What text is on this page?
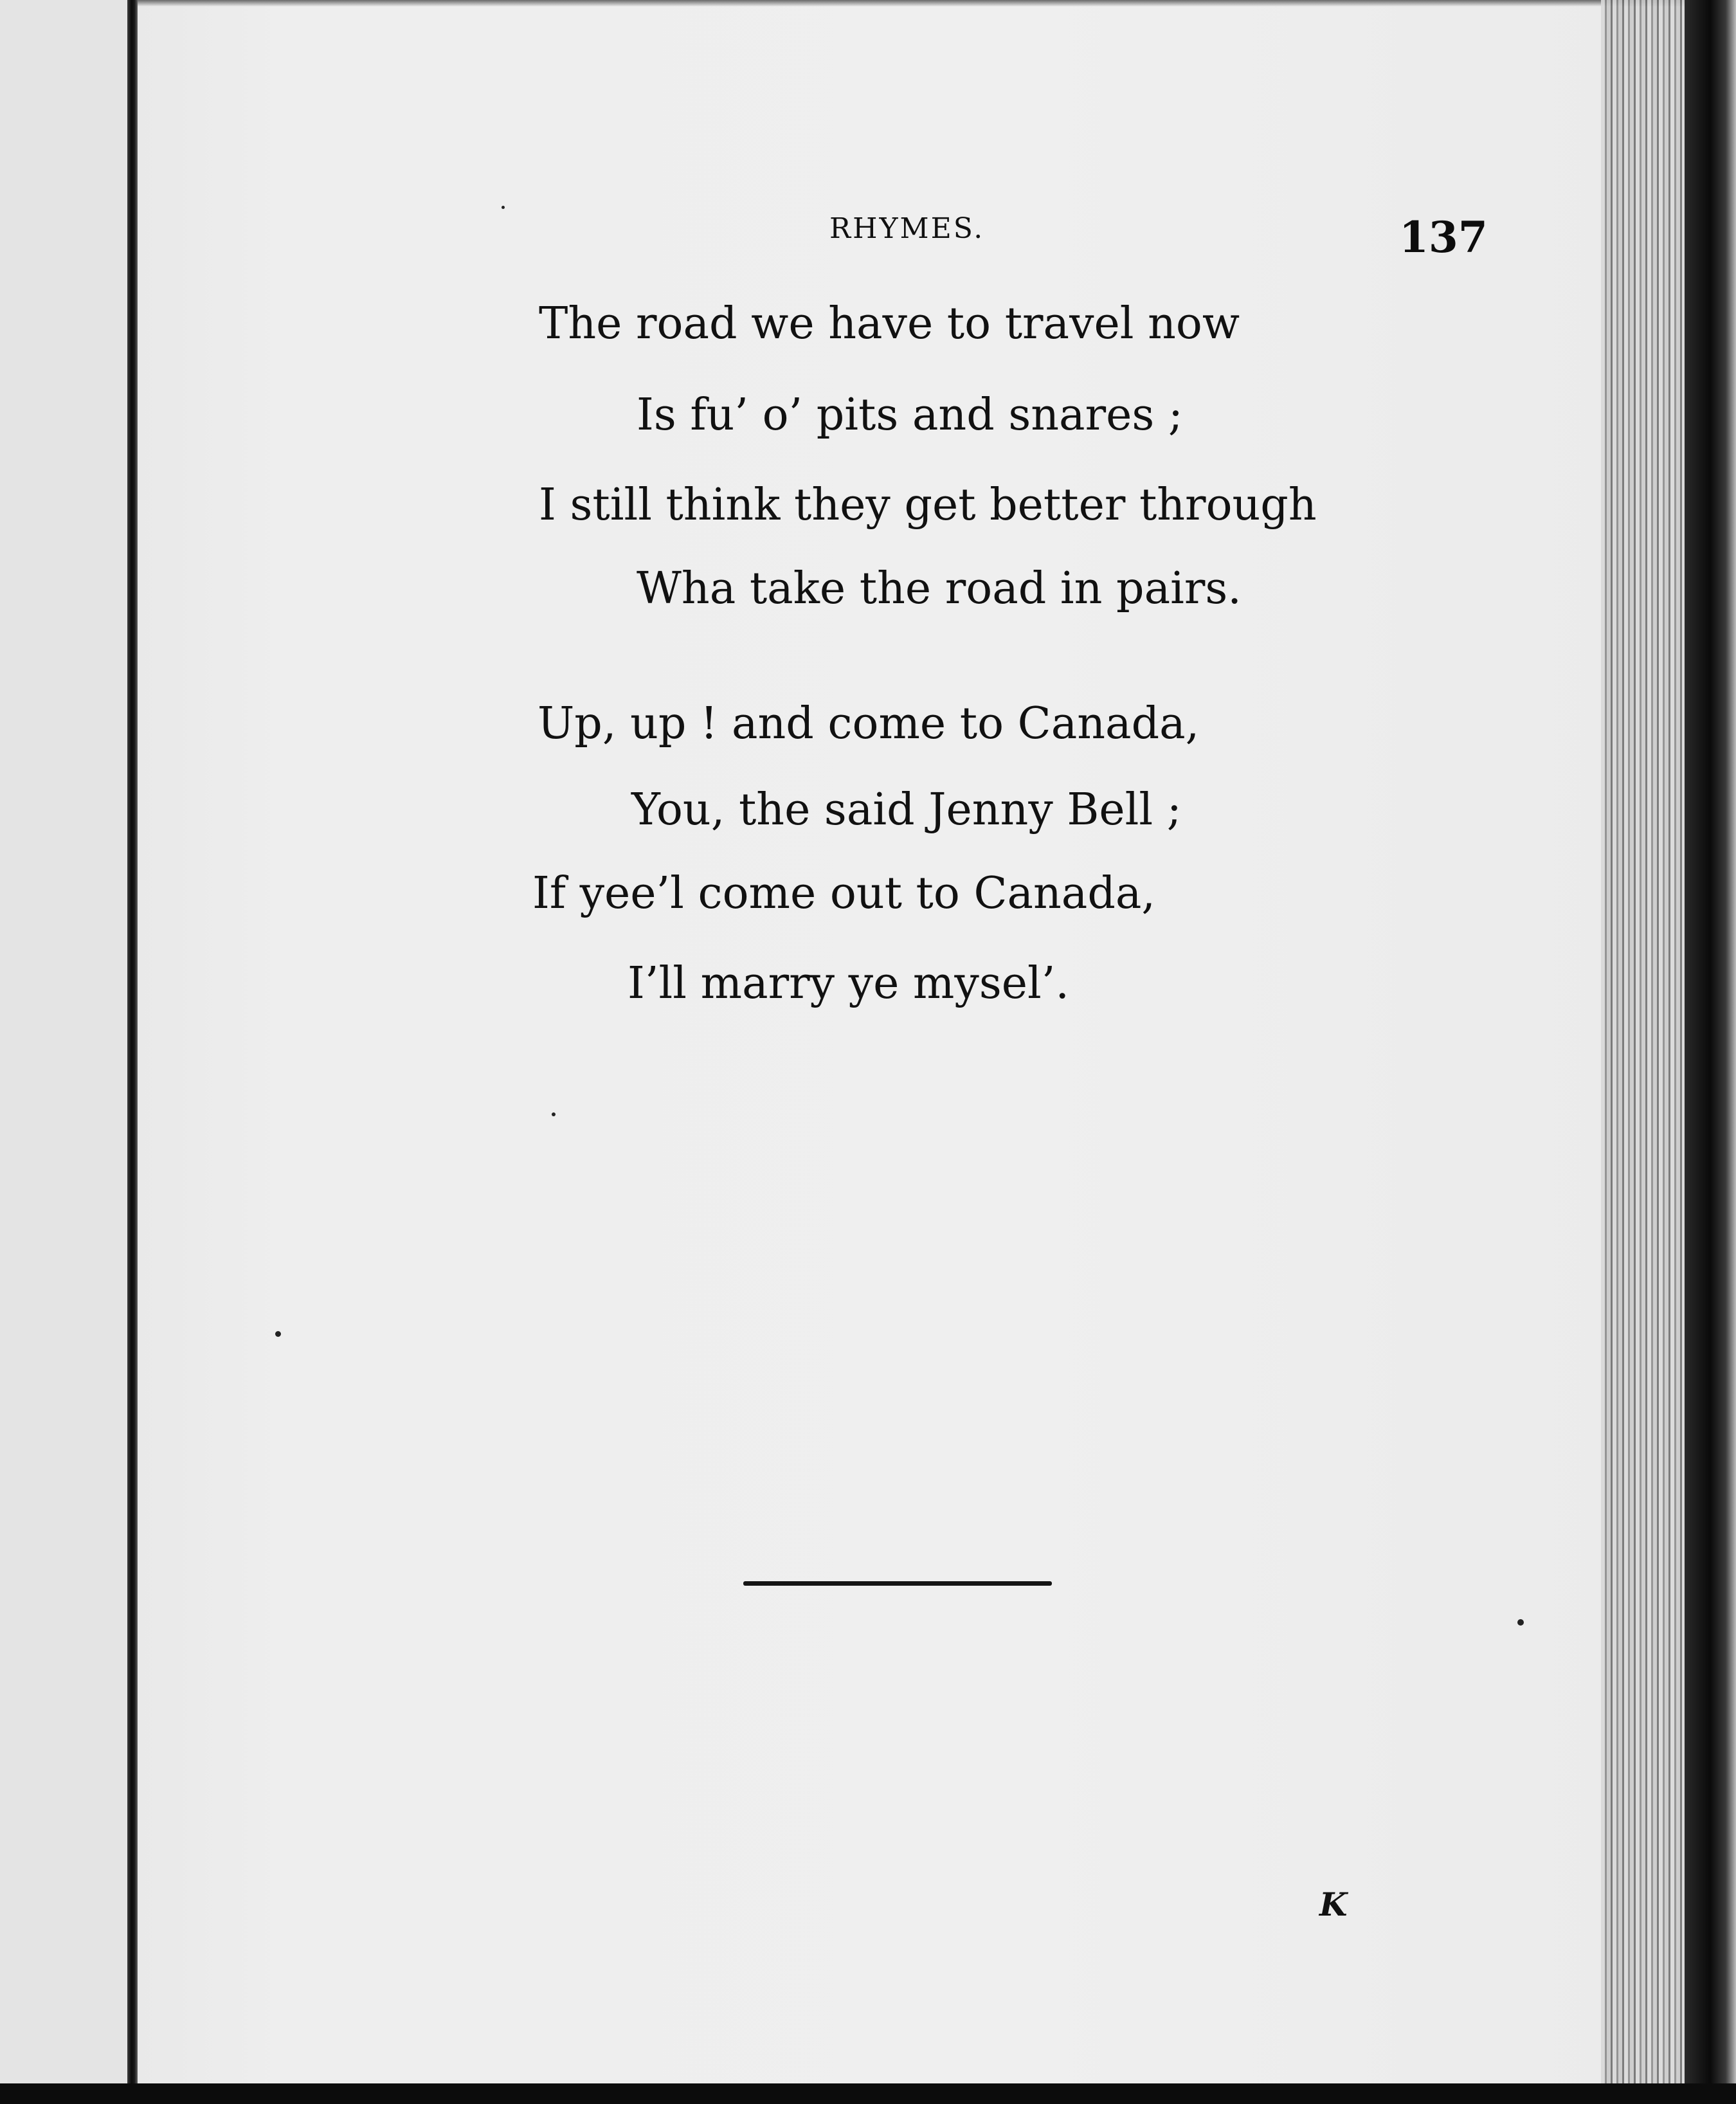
RHYMES.	137
The road we have to travel now
Is fu’ o’ pits and snares ;
I still think they get better through
Wha take the road in pairs.
Up, up ! and come to Canada,
You, the said Jenny Bell ;
If yee’l come out to Canada,
I’ll marry ye mysel’.
K
